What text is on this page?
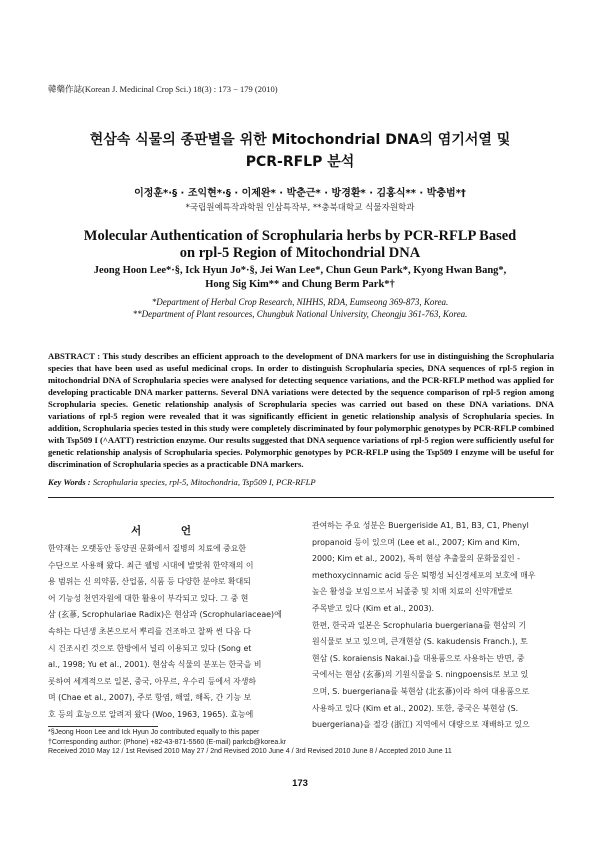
韓藥作誌(Korean J. Medicinal Crop Sci.) 18(3) : 173 − 179 (2010)
현삼속 식물의 종판별을 위한 Mitochondrial DNA의 염기서열 및
PCR-RFLP 분석
이정훈*·§ · 조익현*·§ · 이제완* · 박춘근* · 방경환* · 김홍식** · 박충범*†
*국립원예특작과학원 인삼특작부, **충북대학교 식물자원학과
Molecular Authentication of Scrophularia herbs by PCR-RFLP Based
on rpl-5 Region of Mitochondrial DNA
Jeong Hoon Lee*·§, Ick Hyun Jo*·§, Jei Wan Lee*, Chun Geun Park*, Kyong Hwan Bang*,
Hong Sig Kim** and Chung Berm Park*†
*Department of Herbal Crop Research, NIHHS, RDA, Eumseong 369-873, Korea.
**Department of Plant resources, Chungbuk National University, Cheongju 361-763, Korea.
ABSTRACT : This study describes an efficient approach to the development of DNA markers for use in distinguishing the Scrophularia species that have been used as useful medicinal crops. In order to distinguish Scrophularia species, DNA sequences of rpl-5 region in mitochondrial DNA of Scrophularia species were analysed for detecting sequence variations, and the PCR-RFLP method was applied for developing practicable DNA marker patterns. Several DNA variations were detected by the sequence comparison of rpl-5 region among Scrophularia species. Genetic relationship analysis of Scrophularia species was carried out based on these DNA variations. DNA variations of rpl-5 region were revealed that it was significantly efficient in genetic relationship analysis of Scrophularia species. In addition, Scrophularia species tested in this study were completely discriminated by four polymorphic genotypes by PCR-RFLP combined with Tsp509 I (^AATT) restriction enzyme. Our results suggested that DNA sequence variations of rpl-5 region were sufficiently useful for genetic relationship analysis of Scrophularia species. Polymorphic genotypes by PCR-RFLP using the Tsp509 I enzyme will be useful for discrimination of Scrophularia species as a practicable DNA markers.
Key Words : Scrophularia species, rpl-5, Mitochondria, Tsp509 I, PCR-RFLP
서 언
한약재는 오랫동안 동양권 문화에서 질병의 치료에 중요한
수단으로 사용해 왔다. 최근 웰빙 시대에 발맞춰 한약재의 이
용 범위는 신 의약품, 산업품, 식품 등 다양한 분야로 확대되
어 기능성 천연자원에 대한 활용이 부각되고 있다. 그 중 현
삼 (玄蔘, Scrophulariae Radix)은 현삼과 (Scrophulariaceae)에
속하는 다년생 초본으로서 뿌리를 건조하고 찰짜 썬 다음 다
시 건조시킨 것으로 한방에서 널리 이용되고 있다 (Song et
al., 1998; Yu et al., 2001). 현삼속 식물의 분포는 한국을 비
롯하여 세계적으로 일본, 중국, 아무르, 우수리 등에서 자생하
며 (Chae et al., 2007), 주로 항염, 해열, 해독, 간 기능 보
호 등의 효능으로 알려져 왔다 (Woo, 1963, 1965). 효능에
관여하는 주요 성분은 Buergeriside A1, B1, B3, C1, Phenyl
propanoid 등이 있으며 (Lee et al., 2007; Kim and Kim,
2000; Kim et al., 2002), 특히 현삼 추출물의 문화물질인 -
methoxycinnamic acid 등은 퇴행성 뇌신경세포의 보호에 매우
높은 활성을 보임으로서 뇌졸중 및 치매 치료의 신약개발로
주목받고 있다 (Kim et al., 2003).
한편, 한국과 일본은 Scrophularia buergeriana를 현삼의 기
원식물로 보고 있으며, 큰개현삼 (S. kakudensis Franch.), 토
현삼 (S. koraiensis Nakai.)을 대용품으로 사용하는 반면, 중
국에서는 현삼 (玄蔘)의 기원식물을 S. ningpoensis로 보고 있
으며, S. buergeriana를 북현삼 (北玄蔘)이라 하여 대용품으로
사용하고 있다 (Kim et al., 2002). 또한, 중국은 북현삼 (S.
buergeriana)을 절강 (浙江) 지역에서 대량으로 재배하고 있으
*§Jeong Hoon Lee and Ick Hyun Jo contributed equally to this paper
†Corresponding author: (Phone) +82-43-871-5560 (E-mail) parkcb@korea.kr
Received 2010 May 12 / 1st Revised 2010 May 27 / 2nd Revised 2010 June 4 / 3rd Revised 2010 June 8 / Accepted 2010 June 11
173
